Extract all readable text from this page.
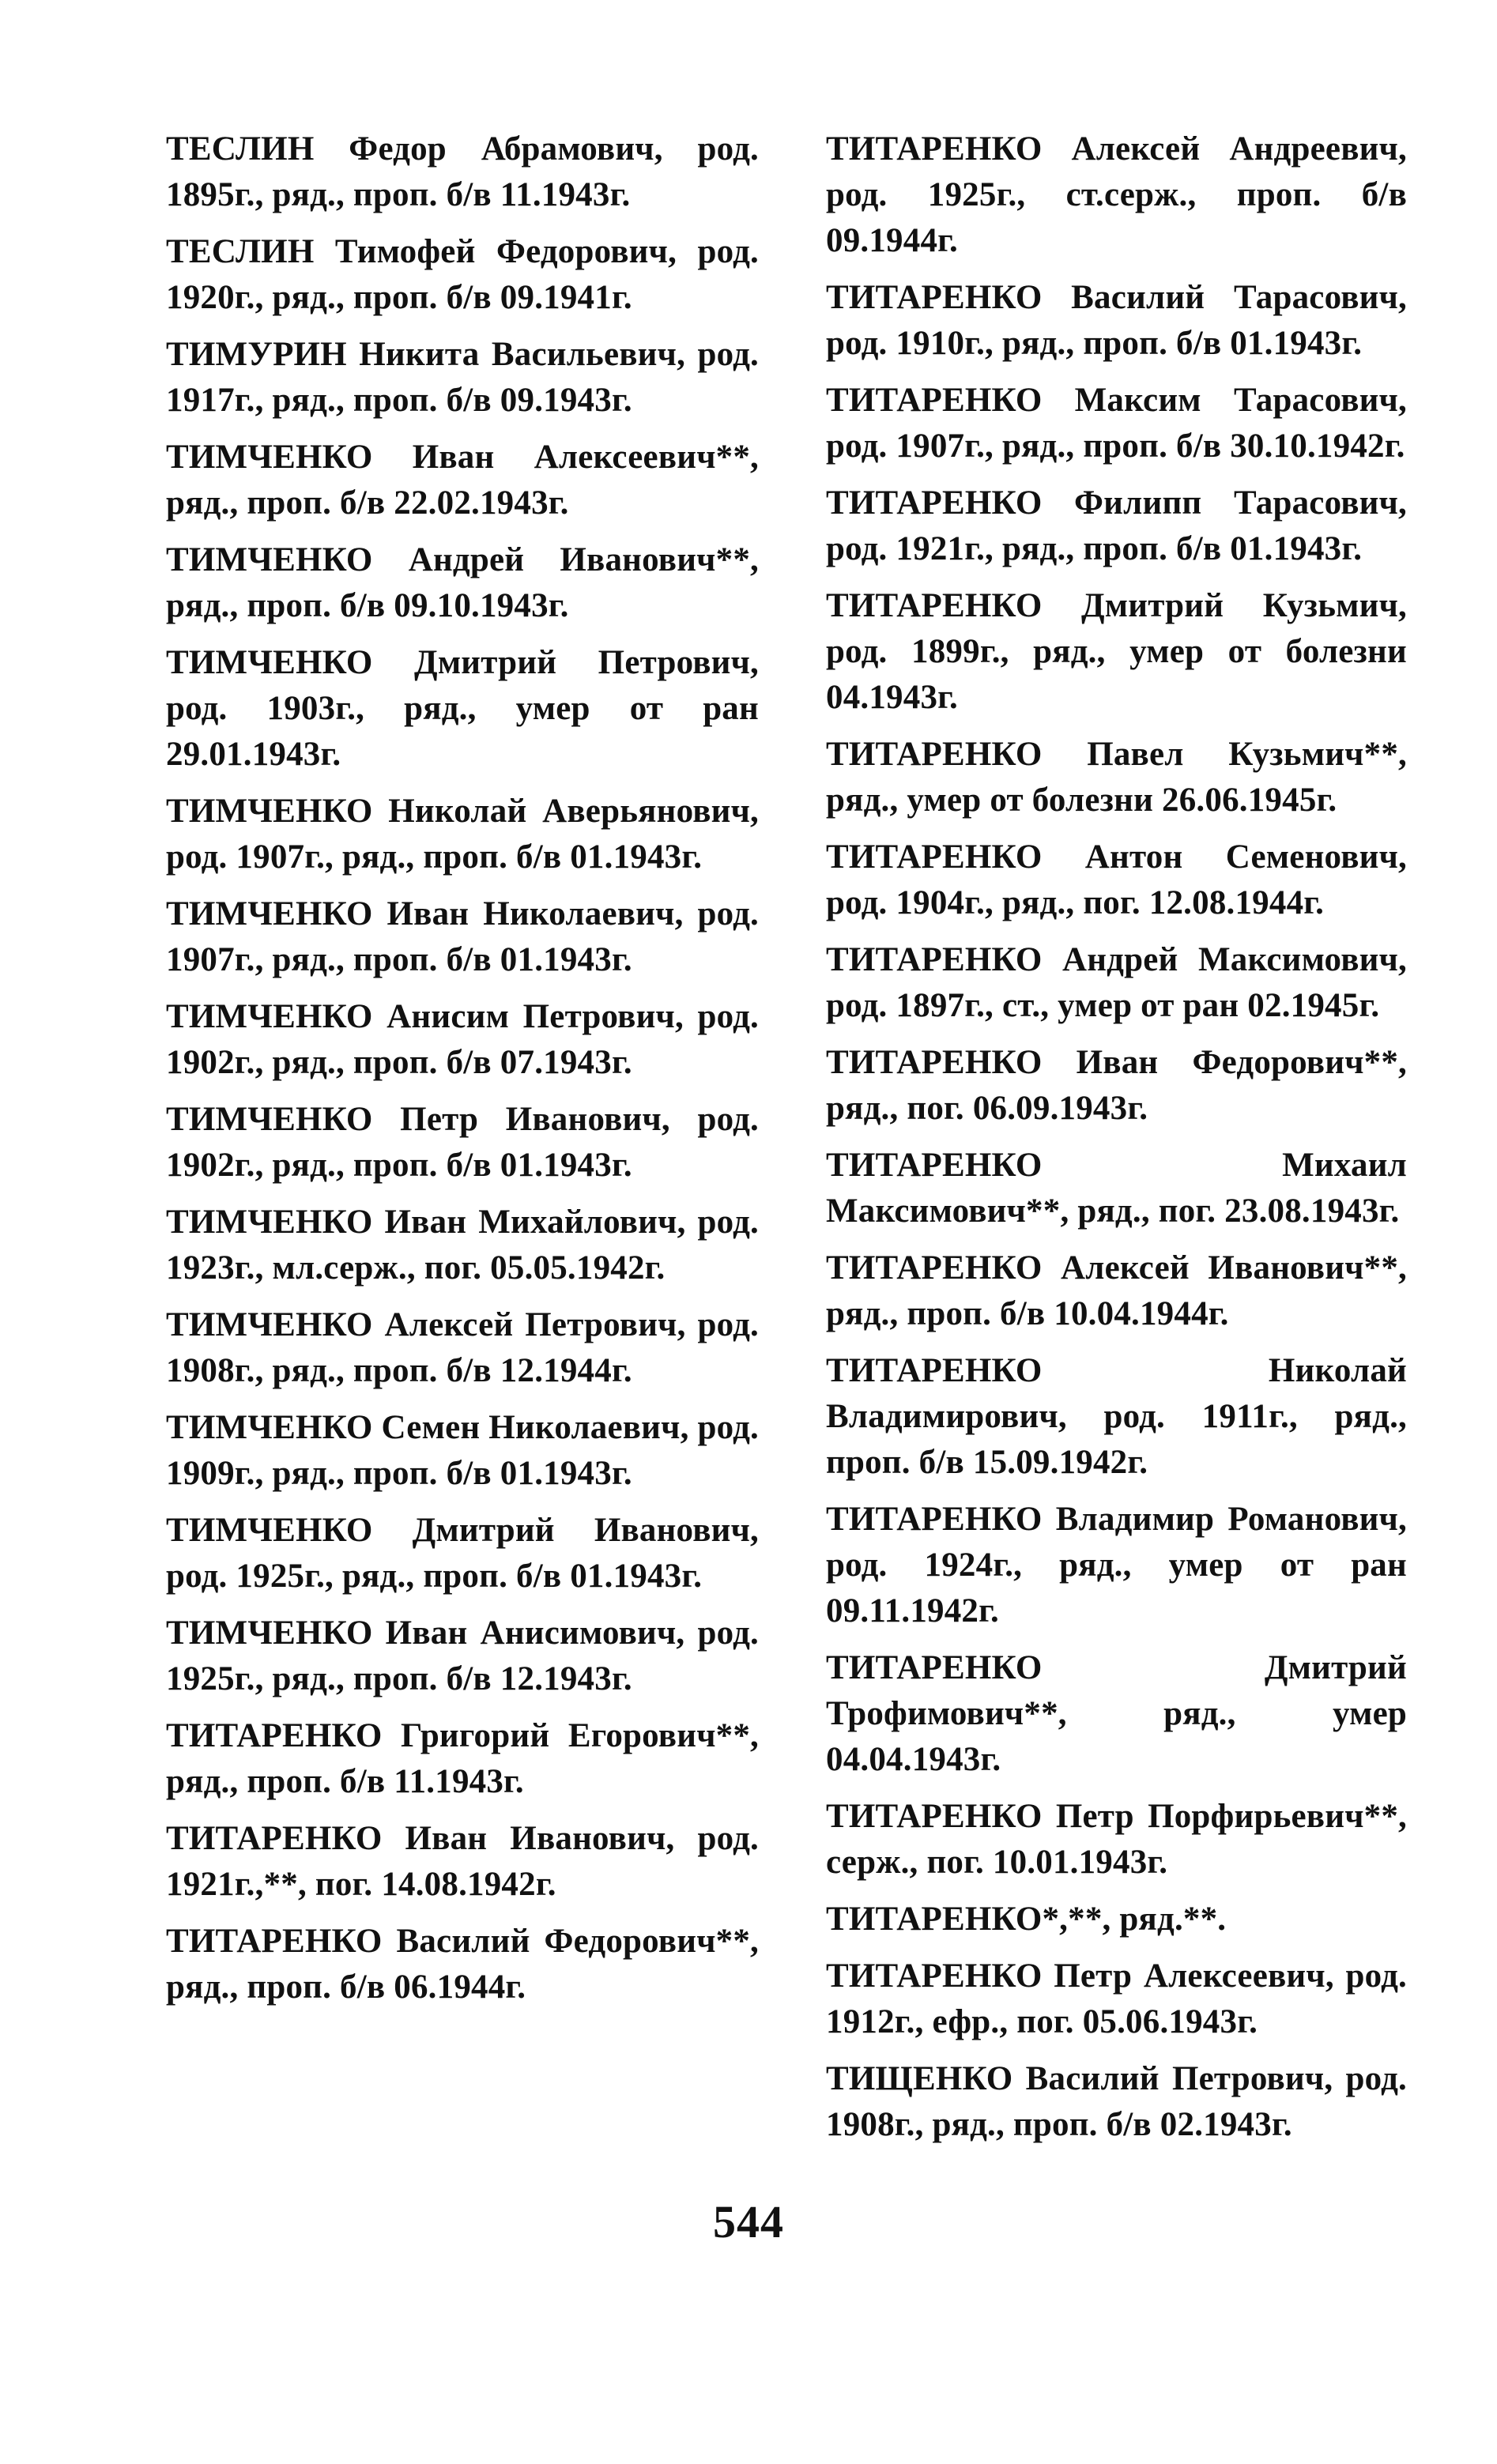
ТЕСЛИН Федор Абрамович, род. 1895г., ряд., проп. б/в 11.1943г.

ТЕСЛИН Тимофей Федорович, род. 1920г., ряд., проп. б/в 09.1941г.

ТИМУРИН Никита Васильевич, род. 1917г., ряд., проп. б/в 09.1943г.

ТИМЧЕНКО Иван Алексеевич**, ряд., проп. б/в 22.02.1943г.

ТИМЧЕНКО Андрей Иванович**, ряд., проп. б/в 09.10.1943г.

ТИМЧЕНКО Дмитрий Петрович, род. 1903г., ряд., умер от ран 29.01.1943г.

ТИМЧЕНКО Николай Аверьянович, род. 1907г., ряд., проп. б/в 01.1943г.

ТИМЧЕНКО Иван Николаевич, род. 1907г., ряд., проп. б/в 01.1943г.

ТИМЧЕНКО Анисим Петрович, род. 1902г., ряд., проп. б/в 07.1943г.

ТИМЧЕНКО Петр Иванович, род. 1902г., ряд., проп. б/в 01.1943г.

ТИМЧЕНКО Иван Михайлович, род. 1923г., мл.серж., пог. 05.05.1942г.

ТИМЧЕНКО Алексей Петрович, род. 1908г., ряд., проп. б/в 12.1944г.

ТИМЧЕНКО Семен Николаевич, род. 1909г., ряд., проп. б/в 01.1943г.

ТИМЧЕНКО Дмитрий Иванович, род. 1925г., ряд., проп. б/в 01.1943г.

ТИМЧЕНКО Иван Анисимович, род. 1925г., ряд., проп. б/в 12.1943г.

ТИТАРЕНКО Григорий Егорович**, ряд., проп. б/в 11.1943г.

ТИТАРЕНКО Иван Иванович, род. 1921г.,**, пог. 14.08.1942г.

ТИТАРЕНКО Василий Федорович**, ряд., проп. б/в 06.1944г.

ТИТАРЕНКО Алексей Андреевич, род. 1925г., ст.серж., проп. б/в 09.1944г.

ТИТАРЕНКО Василий Тарасович, род. 1910г., ряд., проп. б/в 01.1943г.

ТИТАРЕНКО Максим Тарасович, род. 1907г., ряд., проп. б/в 30.10.1942г.

ТИТАРЕНКО Филипп Тарасович, род. 1921г., ряд., проп. б/в 01.1943г.

ТИТАРЕНКО Дмитрий Кузьмич, род. 1899г., ряд., умер от болезни 04.1943г.

ТИТАРЕНКО Павел Кузьмич**, ряд., умер от болезни 26.06.1945г.

ТИТАРЕНКО Антон Семенович, род. 1904г., ряд., пог. 12.08.1944г.

ТИТАРЕНКО Андрей Максимович, род. 1897г., ст., умер от ран 02.1945г.

ТИТАРЕНКО Иван Федорович**, ряд., пог. 06.09.1943г.

ТИТАРЕНКО Михаил Максимович**, ряд., пог. 23.08.1943г.

ТИТАРЕНКО Алексей Иванович**, ряд., проп. б/в 10.04.1944г.

ТИТАРЕНКО Николай Владимирович, род. 1911г., ряд., проп. б/в 15.09.1942г.

ТИТАРЕНКО Владимир Романович, род. 1924г., ряд., умер от ран 09.11.1942г.

ТИТАРЕНКО Дмитрий Трофимович**, ряд., умер 04.04.1943г.

ТИТАРЕНКО Петр Порфирьевич**, серж., пог. 10.01.1943г.

ТИТАРЕНКО*,**, ряд.**.

ТИТАРЕНКО Петр Алексеевич, род. 1912г., ефр., пог. 05.06.1943г.

ТИЩЕНКО Василий Петрович, род. 1908г., ряд., проп. б/в 02.1943г.

544
